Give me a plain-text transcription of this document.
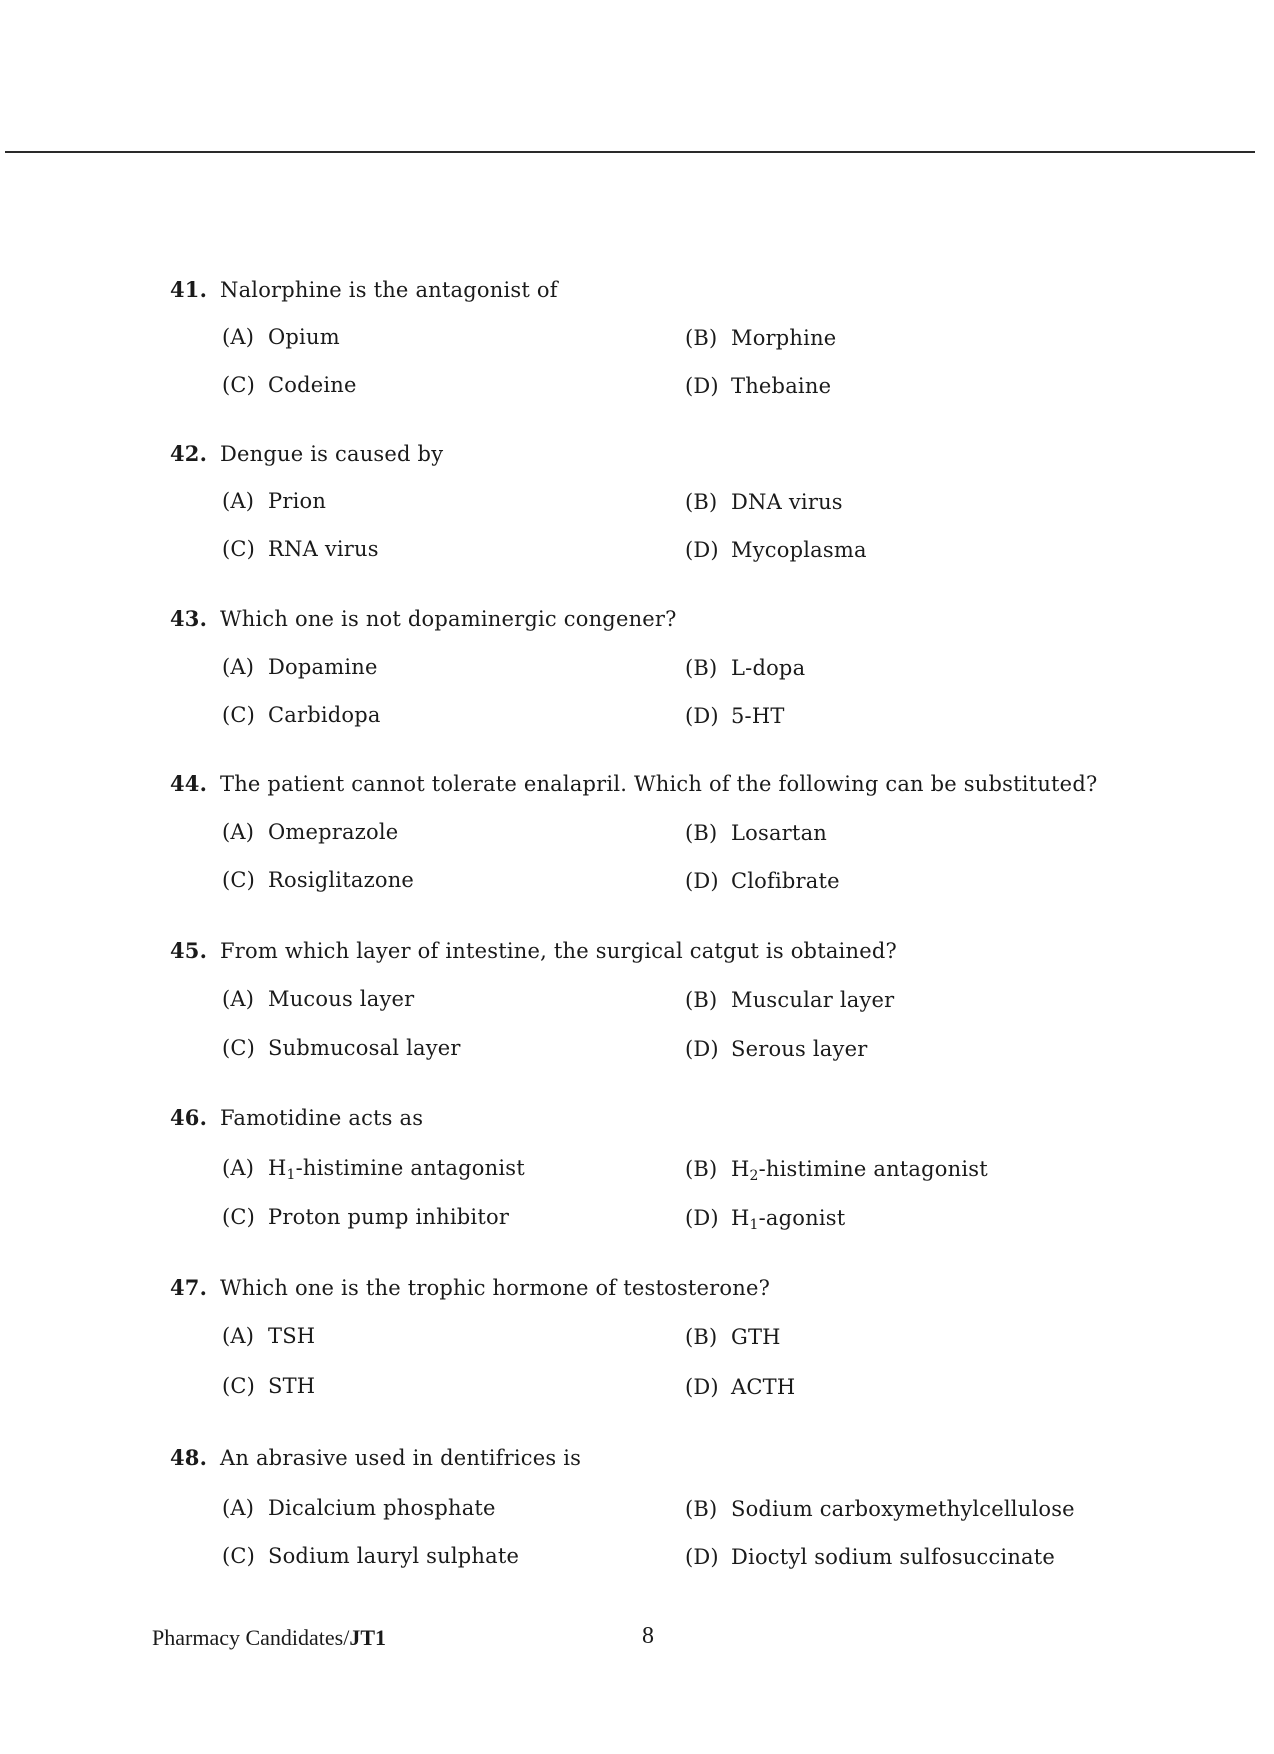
41. Nalorphine is the antagonist of
(A) Opium	(B) Morphine
(C) Codeine	(D) Thebaine
42. Dengue is caused by
(A) Prion	(B) DNA virus
(C) RNA virus	(D) Mycoplasma
43. Which one is not dopaminergic congener?
(A) Dopamine	(B) L-dopa
(C) Carbidopa	(D) 5-HT
44. The patient cannot tolerate enalapril. Which of the following can be substituted?
(A) Omeprazole	(B) Losartan
(C) Rosiglitazone	(D) Clofibrate
45. From which layer of intestine, the surgical catgut is obtained?
(A) Mucous layer	(B) Muscular layer
(C) Submucosal layer	(D) Serous layer
46. Famotidine acts as
(A) $H_1$-histimine antagonist	(B) $H_2$-histimine antagonist
(C) Proton pump inhibitor	(D) $H_1$-agonist
47. Which one is the trophic hormone of testosterone?
(A) TSH	(B) GTH
(C) STH	(D) ACTH
48. An abrasive used in dentifrices is
(A) Dicalcium phosphate	(B) Sodium carboxymethylcellulose
(C) Sodium lauryl sulphate	(D) Dioctyl sodium sulfosuccinate
Pharmacy Candidates/JT1	8
